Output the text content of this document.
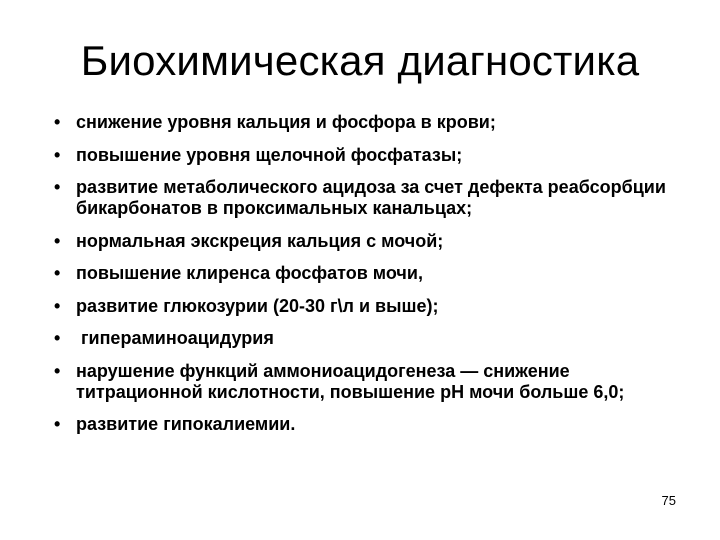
Биохимическая диагностика
• снижение уровня кальция и фосфора в крови;
• повышение уровня щелочной фосфатазы;
• развитие метаболического ацидоза за счет дефекта реабсорбции бикарбонатов в проксимальных канальцах;
• нормальная экскреция кальция с мочой;
• повышение клиренса фосфатов мочи,
• развитие глюкозурии (20-30 г\л и выше);
• гипераминоацидурия
• нарушение функций аммониоацидогенеза — снижение титрационной кислотности, повышение рН мочи больше 6,0;
• развитие гипокалиемии.
75
